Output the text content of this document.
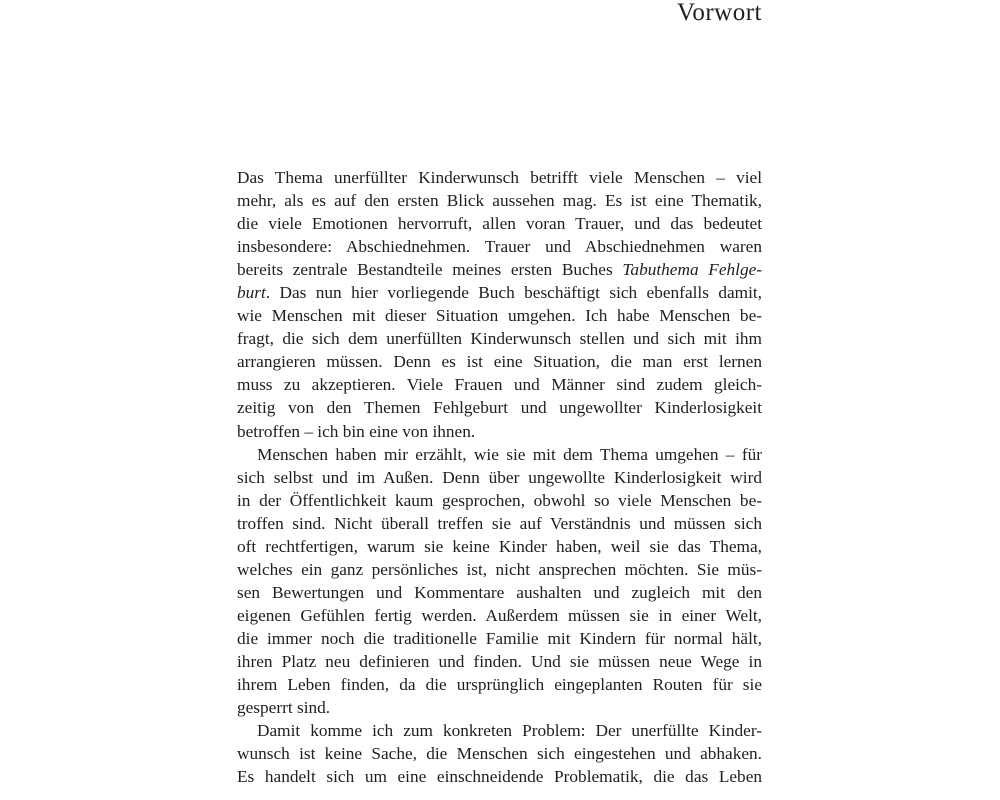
Vorwort
Das Thema unerfüllter Kinderwunsch betrifft viele Menschen – viel
mehr, als es auf den ersten Blick aussehen mag. Es ist eine Thematik,
die viele Emotionen hervorruft, allen voran Trauer, und das bedeutet
insbesondere: Abschiednehmen. Trauer und Abschiednehmen waren
bereits zentrale Bestandteile meines ersten Buches Tabuthema Fehlge-
burt. Das nun hier vorliegende Buch beschäftigt sich ebenfalls damit,
wie Menschen mit dieser Situation umgehen. Ich habe Menschen be-
fragt, die sich dem unerfüllten Kinderwunsch stellen und sich mit ihm
arrangieren müssen. Denn es ist eine Situation, die man erst lernen
muss zu akzeptieren. Viele Frauen und Männer sind zudem gleich-
zeitig von den Themen Fehlgeburt und ungewollter Kinderlosigkeit
betroffen – ich bin eine von ihnen.
Menschen haben mir erzählt, wie sie mit dem Thema umgehen – für
sich selbst und im Außen. Denn über ungewollte Kinderlosigkeit wird
in der Öffentlichkeit kaum gesprochen, obwohl so viele Menschen be-
troffen sind. Nicht überall treffen sie auf Verständnis und müssen sich
oft rechtfertigen, warum sie keine Kinder haben, weil sie das Thema,
welches ein ganz persönliches ist, nicht ansprechen möchten. Sie müs-
sen Bewertungen und Kommentare aushalten und zugleich mit den
eigenen Gefühlen fertig werden. Außerdem müssen sie in einer Welt,
die immer noch die traditionelle Familie mit Kindern für normal hält,
ihren Platz neu definieren und finden. Und sie müssen neue Wege in
ihrem Leben finden, da die ursprünglich eingeplanten Routen für sie
gesperrt sind.
Damit komme ich zum konkreten Problem: Der unerfüllte Kinder-
wunsch ist keine Sache, die Menschen sich eingestehen und abhaken.
Es handelt sich um eine einschneidende Problematik, die das Leben
